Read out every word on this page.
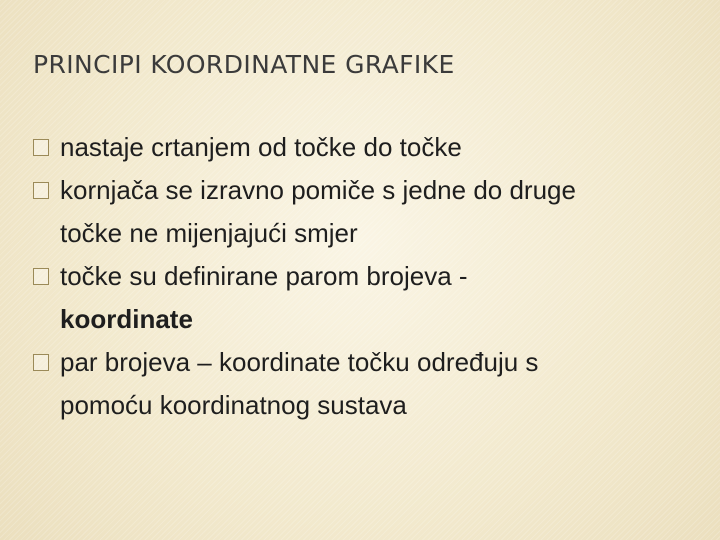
PRINCIPI KOORDINATNE GRAFIKE
nastaje crtanjem od točke do točke
kornjača se izravno pomiče s jedne do druge
točke ne mijenjajući smjer
točke su definirane parom brojeva -
koordinate
par brojeva – koordinate točku određuju s
pomoću koordinatnog sustava
